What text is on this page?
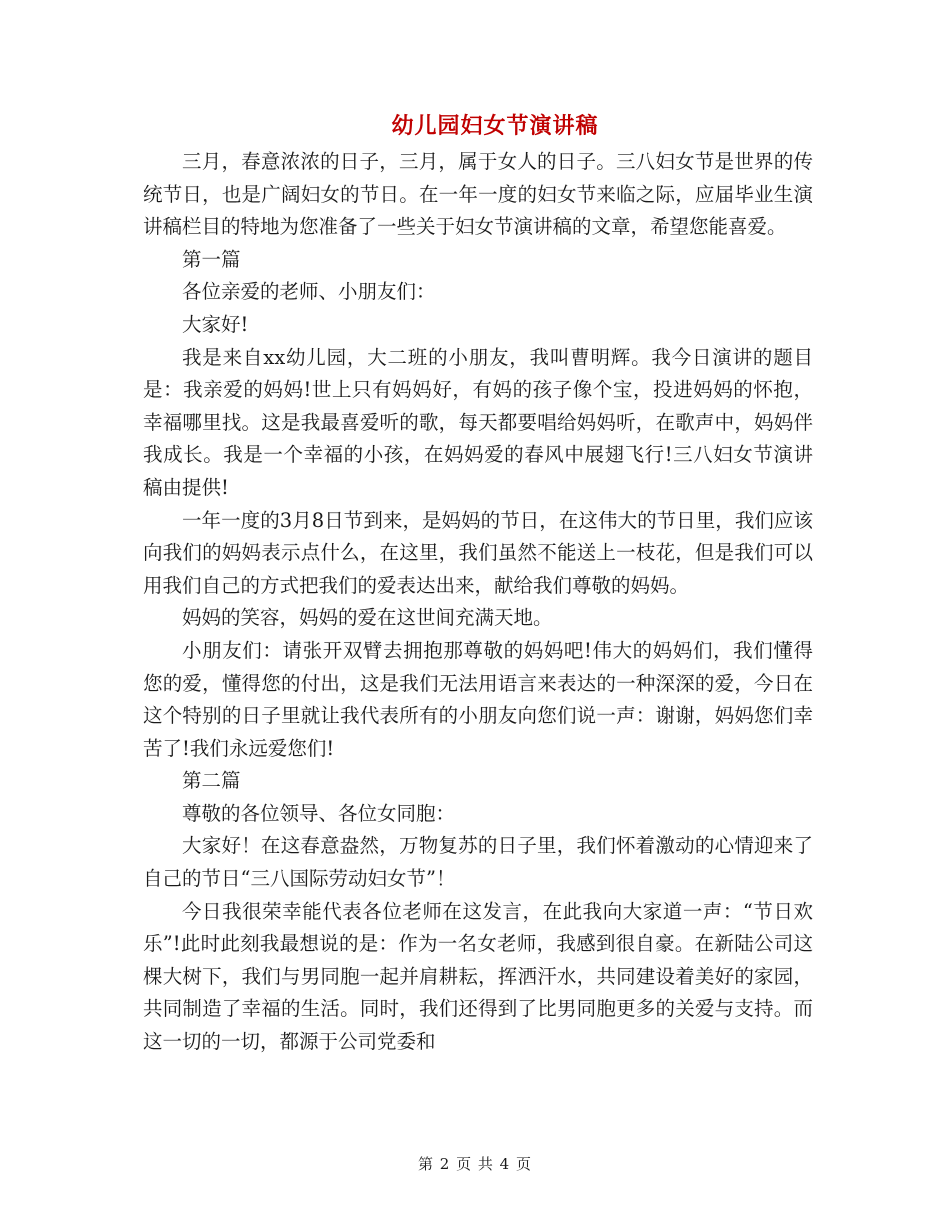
幼儿园妇女节演讲稿

三月，春意浓浓的日子，三月，属于女人的日子。三八妇女节是世界的传统节日，也是广阔妇女的节日。在一年一度的妇女节来临之际，应届毕业生演讲稿栏目的特地为您准备了一些关于妇女节演讲稿的文章，希望您能喜爱。

第一篇

各位亲爱的老师、小朋友们：

大家好!

我是来自xx幼儿园，大二班的小朋友，我叫曹明辉。我今日演讲的题目是：我亲爱的妈妈!世上只有妈妈好，有妈的孩子像个宝，投进妈妈的怀抱，幸福哪里找。这是我最喜爱听的歌，每天都要唱给妈妈听，在歌声中，妈妈伴我成长。我是一个幸福的小孩，在妈妈爱的春风中展翅飞行!三八妇女节演讲稿由提供!

一年一度的3月8日节到来，是妈妈的节日，在这伟大的节日里，我们应该向我们的妈妈表示点什么，在这里，我们虽然不能送上一枝花，但是我们可以用我们自己的方式把我们的爱表达出来，献给我们尊敬的妈妈。

妈妈的笑容，妈妈的爱在这世间充满天地。

小朋友们：请张开双臂去拥抱那尊敬的妈妈吧!伟大的妈妈们，我们懂得您的爱，懂得您的付出，这是我们无法用语言来表达的一种深深的爱，今日在这个特别的日子里就让我代表所有的小朋友向您们说一声：谢谢，妈妈您们幸苦了!我们永远爱您们!

第二篇

尊敬的各位领导、各位女同胞：

大家好！在这春意盎然，万物复苏的日子里，我们怀着激动的心情迎来了自己的节日“三八国际劳动妇女节”！

今日我很荣幸能代表各位老师在这发言，在此我向大家道一声：“节日欢乐”!此时此刻我最想说的是：作为一名女老师，我感到很自豪。在新陆公司这棵大树下，我们与男同胞一起并肩耕耘，挥洒汗水，共同建设着美好的家园，共同制造了幸福的生活。同时，我们还得到了比男同胞更多的关爱与支持。而这一切的一切，都源于公司党委和

第 2 页 共 4 页
